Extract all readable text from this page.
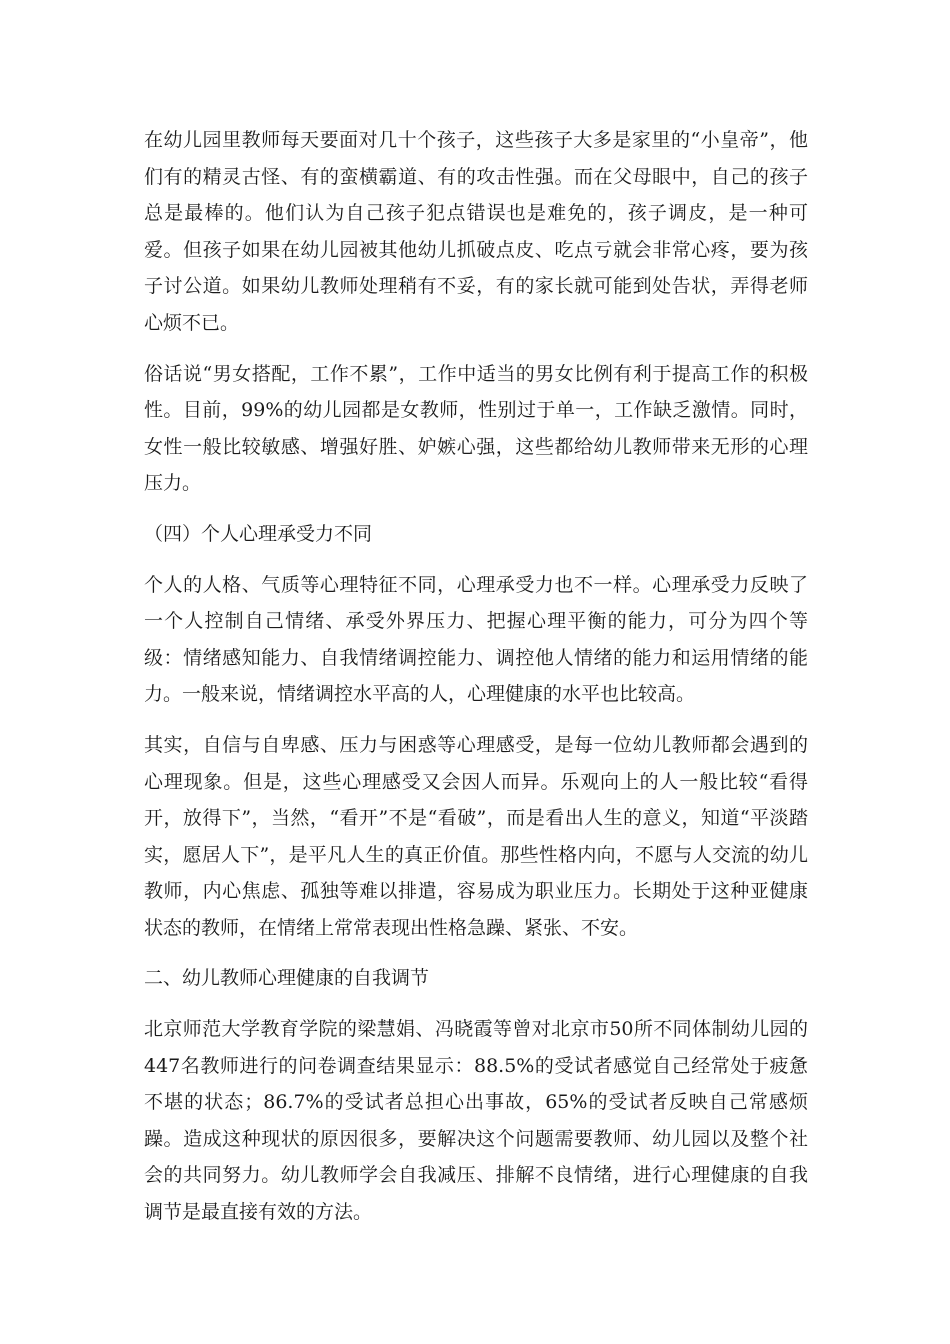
在幼儿园里教师每天要面对几十个孩子，这些孩子大多是家里的“小皇帝”，他们有的精灵古怪、有的蛮横霸道、有的攻击性强。而在父母眼中，自己的孩子总是最棒的。他们认为自己孩子犯点错误也是难免的，孩子调皮，是一种可爱。但孩子如果在幼儿园被其他幼儿抓破点皮、吃点亏就会非常心疼，要为孩子讨公道。如果幼儿教师处理稍有不妥，有的家长就可能到处告状，弄得老师心烦不已。

俗话说“男女搭配，工作不累”，工作中适当的男女比例有利于提高工作的积极性。目前，99%的幼儿园都是女教师，性别过于单一，工作缺乏激情。同时，女性一般比较敏感、增强好胜、妒嫉心强，这些都给幼儿教师带来无形的心理压力。

（四）个人心理承受力不同

个人的人格、气质等心理特征不同，心理承受力也不一样。心理承受力反映了一个人控制自己情绪、承受外界压力、把握心理平衡的能力，可分为四个等级：情绪感知能力、自我情绪调控能力、调控他人情绪的能力和运用情绪的能力。一般来说，情绪调控水平高的人，心理健康的水平也比较高。

其实，自信与自卑感、压力与困惑等心理感受，是每一位幼儿教师都会遇到的心理现象。但是，这些心理感受又会因人而异。乐观向上的人一般比较“看得开，放得下”，当然，“看开”不是“看破”，而是看出人生的意义，知道“平淡踏实，愿居人下”，是平凡人生的真正价值。那些性格内向，不愿与人交流的幼儿教师，内心焦虑、孤独等难以排遣，容易成为职业压力。长期处于这种亚健康状态的教师，在情绪上常常表现出性格急躁、紧张、不安。

二、幼儿教师心理健康的自我调节

北京师范大学教育学院的梁慧娟、冯晓霞等曾对北京市50所不同体制幼儿园的447名教师进行的问卷调查结果显示：88.5%的受试者感觉自己经常处于疲惫不堪的状态；86.7%的受试者总担心出事故，65%的受试者反映自己常感烦躁。造成这种现状的原因很多，要解决这个问题需要教师、幼儿园以及整个社会的共同努力。幼儿教师学会自我减压、排解不良情绪，进行心理健康的自我调节是最直接有效的方法。
